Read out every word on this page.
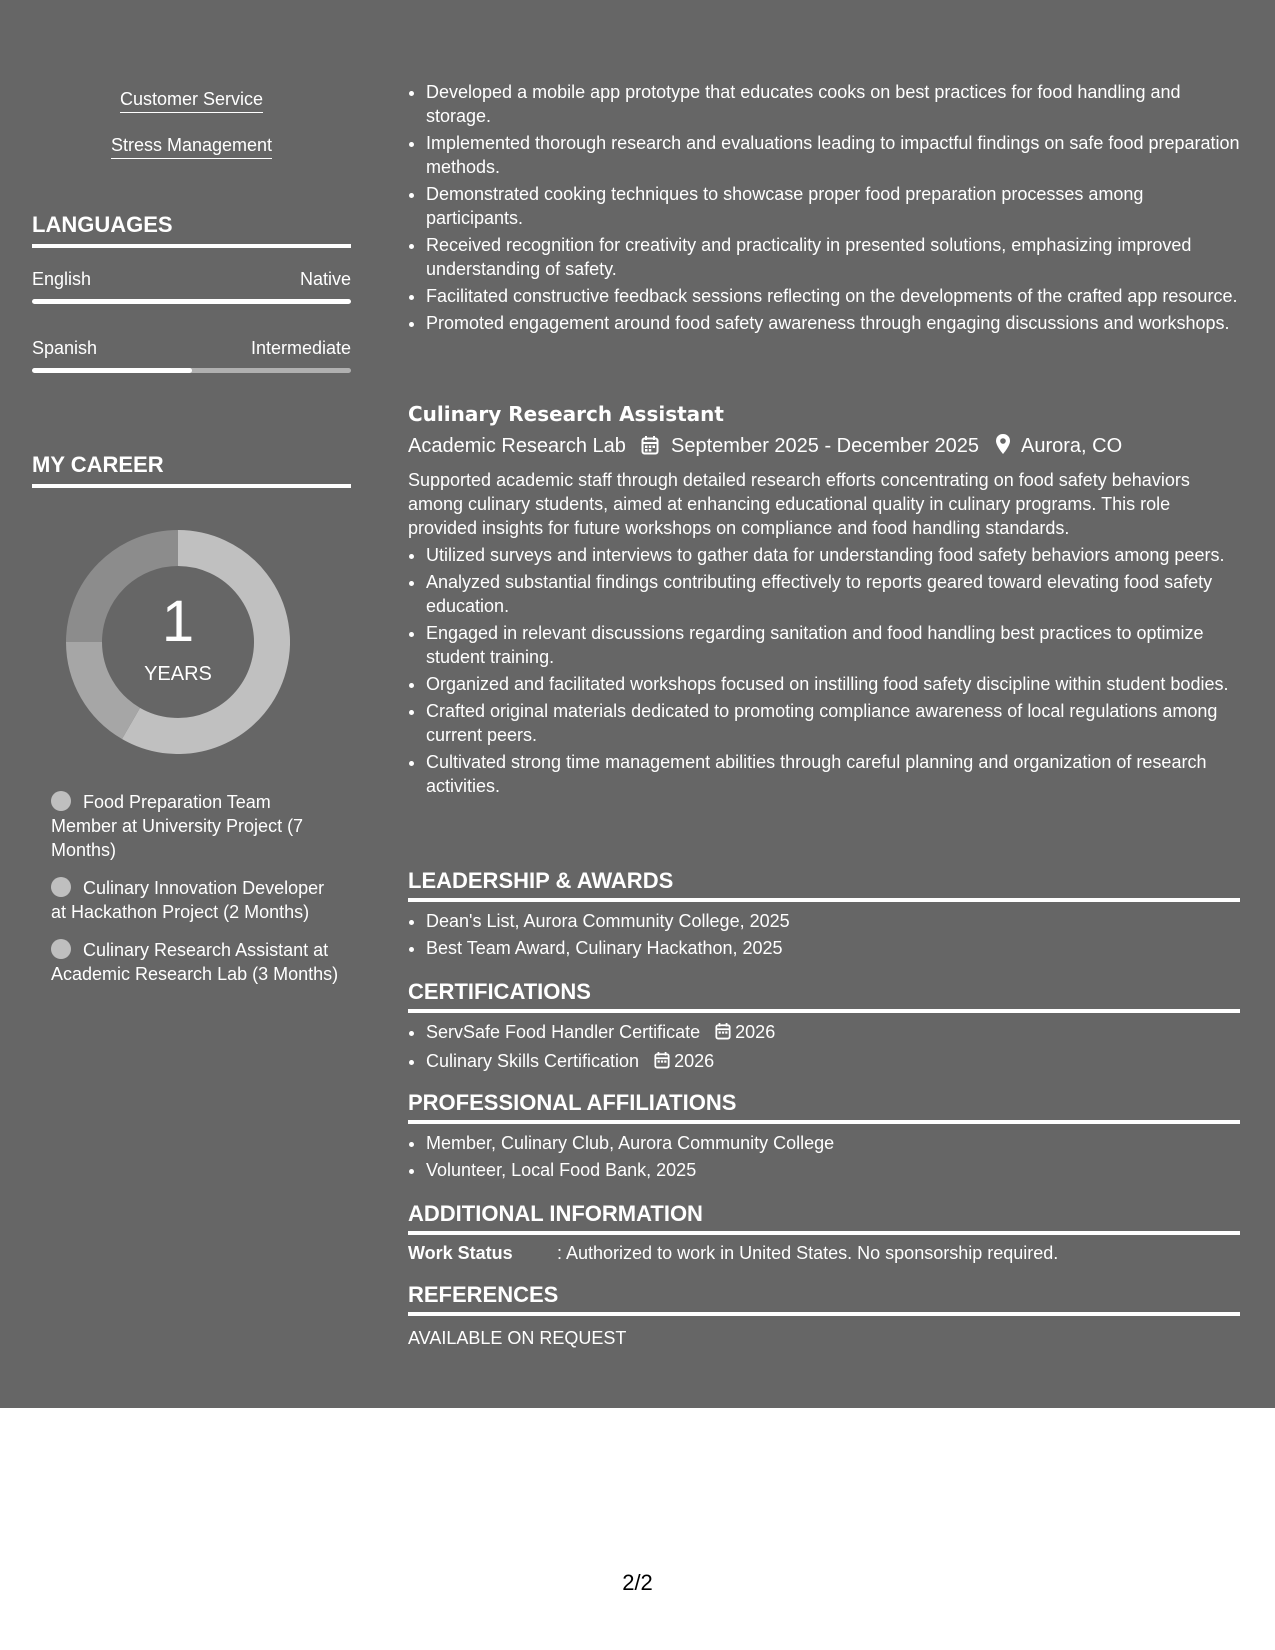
Customer Service
Stress Management
LANGUAGES
English	Native
Spanish	Intermediate
MY CAREER
1
YEARS
Food Preparation Team Member at University Project (7 Months)
Culinary Innovation Developer at Hackathon Project (2 Months)
Culinary Research Assistant at Academic Research Lab (3 Months)
• Developed a mobile app prototype that educates cooks on best practices for food handling and storage.
• Implemented thorough research and evaluations leading to impactful findings on safe food preparation methods.
• Demonstrated cooking techniques to showcase proper food preparation processes among participants.
• Received recognition for creativity and practicality in presented solutions, emphasizing improved understanding of safety.
• Facilitated constructive feedback sessions reflecting on the developments of the crafted app resource.
• Promoted engagement around food safety awareness through engaging discussions and workshops.
Culinary Research Assistant
Academic Research Lab September 2025 - December 2025 Aurora, CO
Supported academic staff through detailed research efforts concentrating on food safety behaviors among culinary students, aimed at enhancing educational quality in culinary programs. This role provided insights for future workshops on compliance and food handling standards.
• Utilized surveys and interviews to gather data for understanding food safety behaviors among peers.
• Analyzed substantial findings contributing effectively to reports geared toward elevating food safety education.
• Engaged in relevant discussions regarding sanitation and food handling best practices to optimize student training.
• Organized and facilitated workshops focused on instilling food safety discipline within student bodies.
• Crafted original materials dedicated to promoting compliance awareness of local regulations among current peers.
• Cultivated strong time management abilities through careful planning and organization of research activities.
LEADERSHIP & AWARDS
• Dean's List, Aurora Community College, 2025
• Best Team Award, Culinary Hackathon, 2025
CERTIFICATIONS
• ServSafe Food Handler Certificate 2026
• Culinary Skills Certification 2026
PROFESSIONAL AFFILIATIONS
• Member, Culinary Club, Aurora Community College
• Volunteer, Local Food Bank, 2025
ADDITIONAL INFORMATION
Work Status : Authorized to work in United States. No sponsorship required.
REFERENCES
AVAILABLE ON REQUEST
2/2
